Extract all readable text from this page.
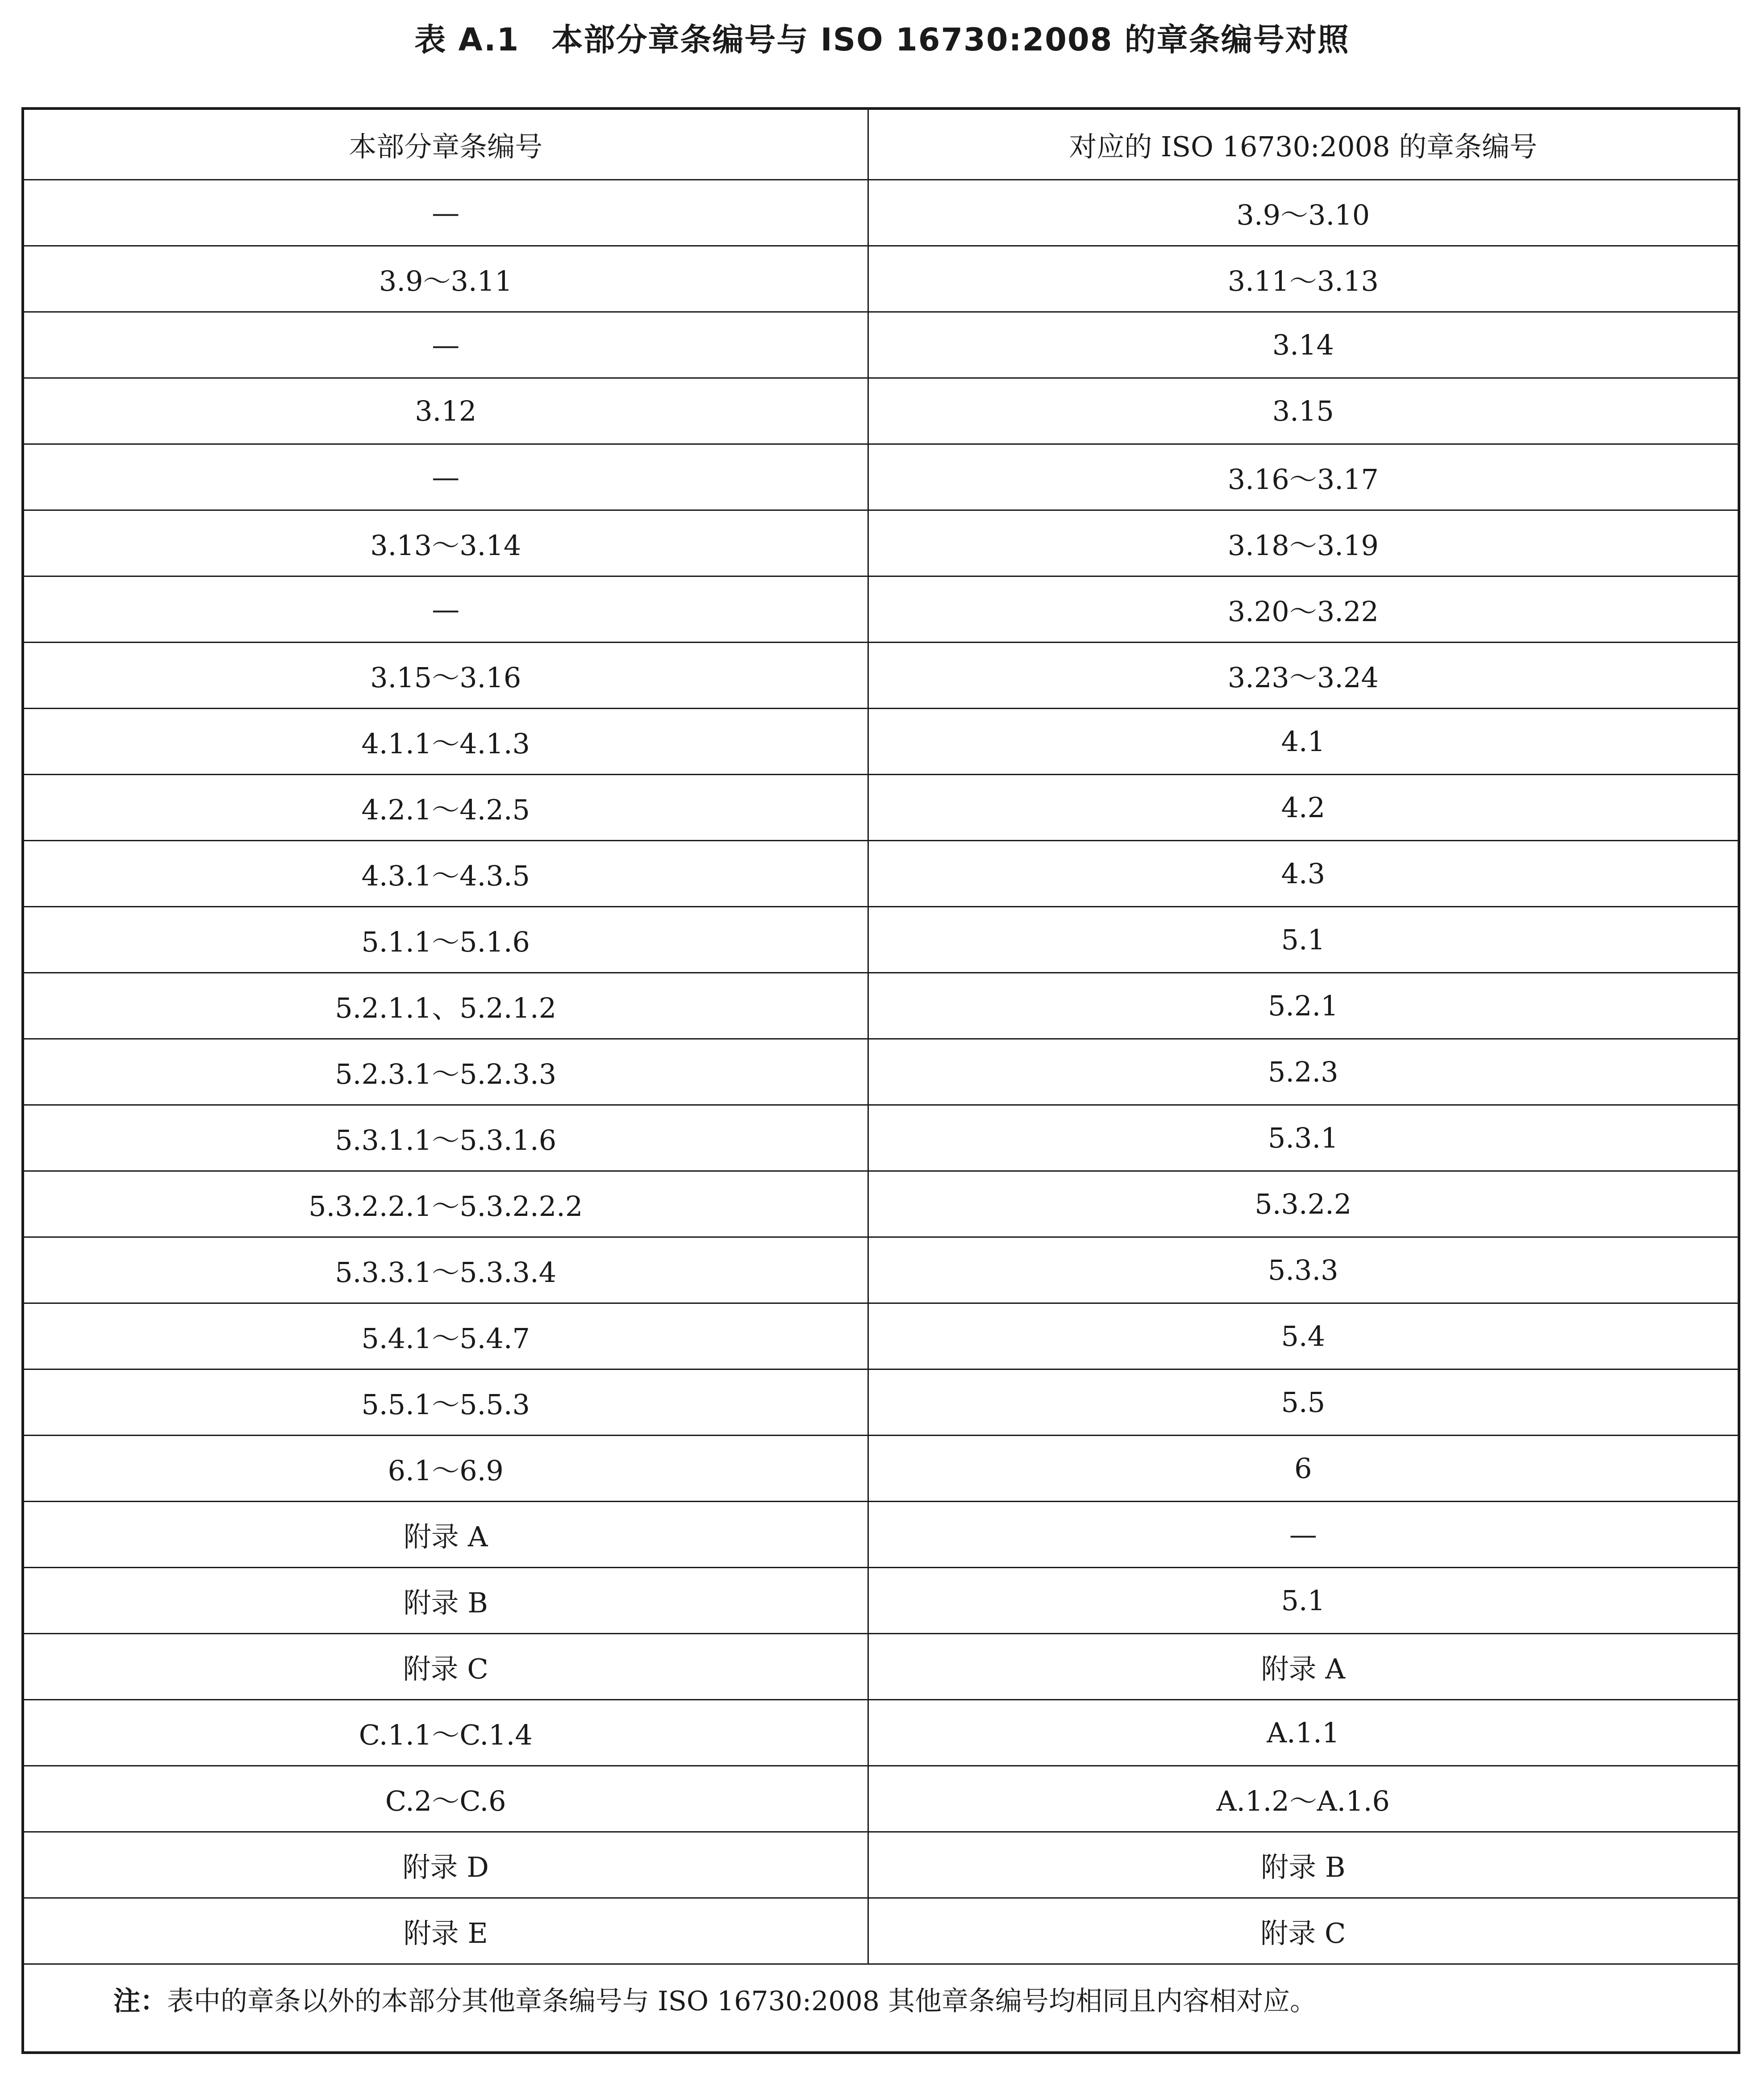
表 A.1　本部分章条编号与 ISO 16730:2008 的章条编号对照
本部分章条编号	对应的 ISO 16730:2008 的章条编号
—	3.9～3.10
3.9～3.11	3.11～3.13
—	3.14
3.12	3.15
—	3.16～3.17
3.13～3.14	3.18～3.19
—	3.20～3.22
3.15～3.16	3.23～3.24
4.1.1～4.1.3	4.1
4.2.1～4.2.5	4.2
4.3.1～4.3.5	4.3
5.1.1～5.1.6	5.1
5.2.1.1、5.2.1.2	5.2.1
5.2.3.1～5.2.3.3	5.2.3
5.3.1.1～5.3.1.6	5.3.1
5.3.2.2.1～5.3.2.2.2	5.3.2.2
5.3.3.1～5.3.3.4	5.3.3
5.4.1～5.4.7	5.4
5.5.1～5.5.3	5.5
6.1～6.9	6
附录 A	—
附录 B	5.1
附录 C	附录 A
C.1.1～C.1.4	A.1.1
C.2～C.6	A.1.2～A.1.6
附录 D	附录 B
附录 E	附录 C
注：表中的章条以外的本部分其他章条编号与 ISO 16730:2008 其他章条编号均相同且内容相对应。	
